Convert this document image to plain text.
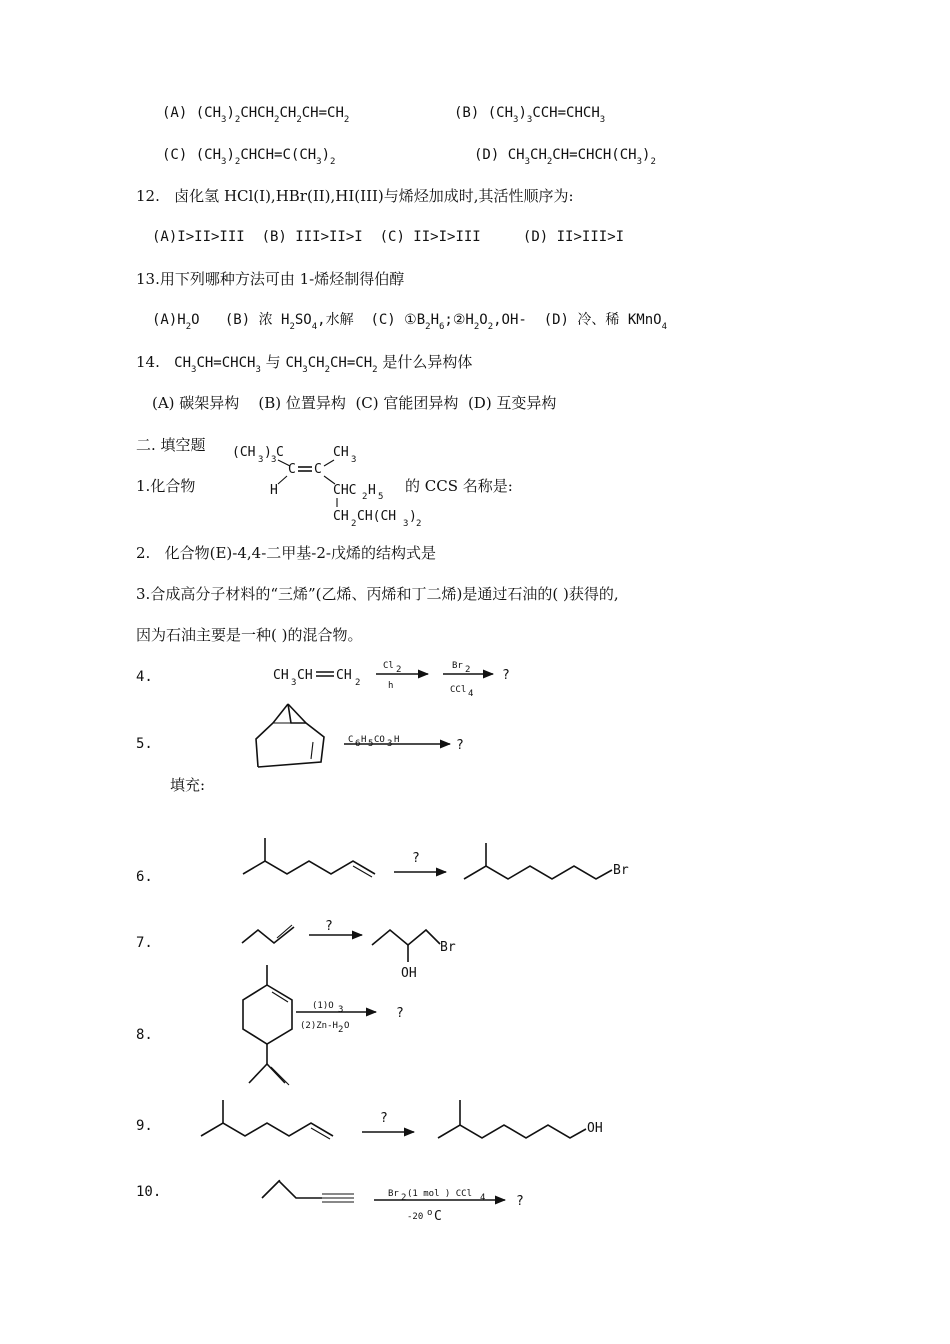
(A) $(CH_3)_2CHCH_2CH_2CH=CH_2$	(B) $(CH_3)_3CCH=CHCH_3$
(C) $(CH_3)_2CHCH=C(CH_3)_2$	(D) $CH_3CH_2CH=CHCH(CH_3)_2$
12. 卤化氢 HCl(I),HBr(II),HI(III)与烯烃加成时,其活性顺序为:
(A)I>II>III (B) III>II>I (C) II>I>III	(D) II>III>I
13.用下列哪种方法可由 1-烯烃制得伯醇
$(A)H_2O$   (B) 浓 $H_2SO_4$,水解  (C) $①B_2H_6;②H_2O_2,OH-$  (D) 冷、稀 KMnO$_4$
14. $CH_3CH=CHCH_3$ 与 $CH_3CH_2CH=CH_2$ 是什么异构体
(A) 碳架异构 (B) 位置异构 (C) 官能团异构 (D) 互变异构
二. 填空题
1.化合物	的 CCS 名称是:
2. 化合物(E)-4,4-二甲基-2-戊烯的结构式是
3.合成高分子材料的“三烯”(乙烯、丙烯和丁二烯)是通过石油的( )获得的,
因为石油主要是一种( )的混合物。
4.
5.
填充:
6.
7.
8.
9.
10.
(CH 3 ) 3 C	CH 3
C C
H	CHC 2 H 5
CH 2 CH(CH 3 ) 2
CH 3 CH CH 2
Cl 2
h
Br 2
CCl 4
?
C 6 H 5 CO 3 H	?
?
Br
?
Br
OH
(1)O 3
(2)Zn-H 2 O
?
?
OH
Br 2 (1 mol ) CCl 4
-20 o C
?
